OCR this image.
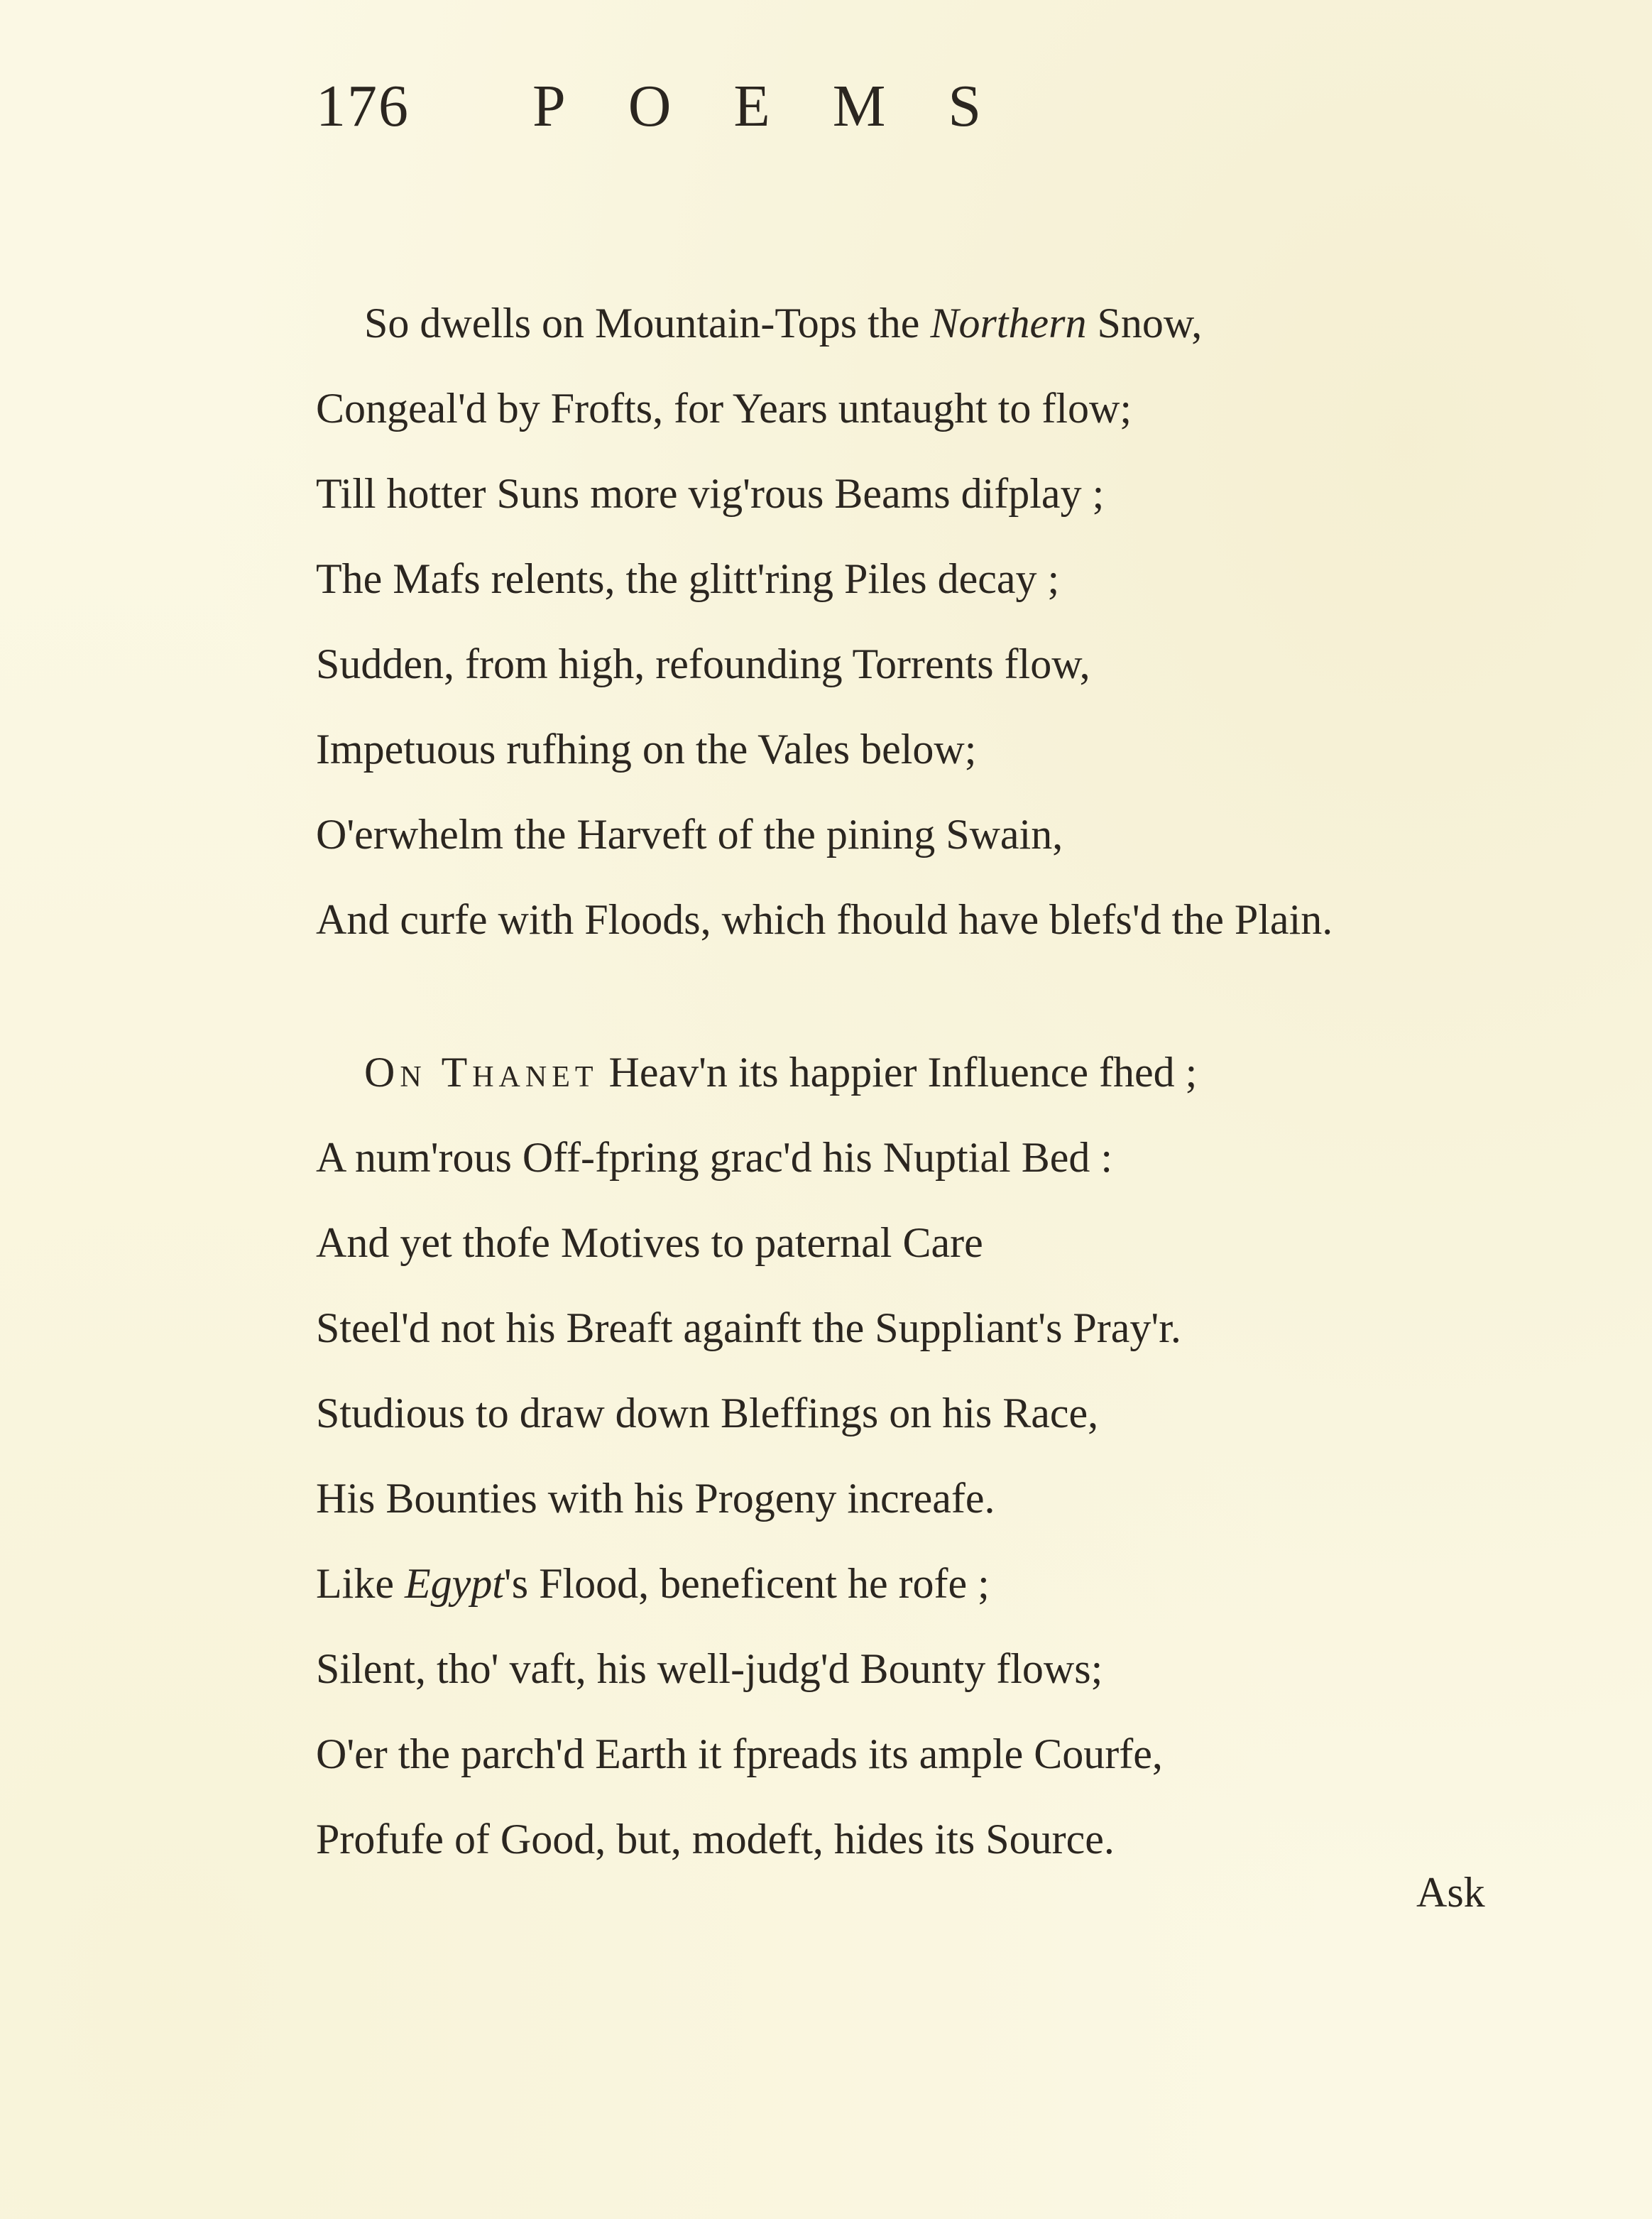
176 POEMS
So dwells on Mountain-Tops the Northern Snow,
Congeal'd by Frofts, for Years untaught to flow;
Till hotter Suns more vig'rous Beams difplay ;
The Mafs relents, the glitt'ring Piles decay ;
Sudden, from high, refounding Torrents flow,
Impetuous rufhing on the Vales below;
O'erwhelm the Harveft of the pining Swain,
And curfe with Floods, which fhould have blefs'd the Plain.
On Thanet Heav'n its happier Influence fhed ;
A num'rous Off-fpring grac'd his Nuptial Bed :
And yet thofe Motives to paternal Care
Steel'd not his Breaft againft the Suppliant's Pray'r.
Studious to draw down Bleffings on his Race,
His Bounties with his Progeny increafe.
Like Egypt's Flood, beneficent he rofe ;
Silent, tho' vaft, his well-judg'd Bounty flows;
O'er the parch'd Earth it fpreads its ample Courfe,
Profufe of Good, but, modeft, hides its Source.
Ask
